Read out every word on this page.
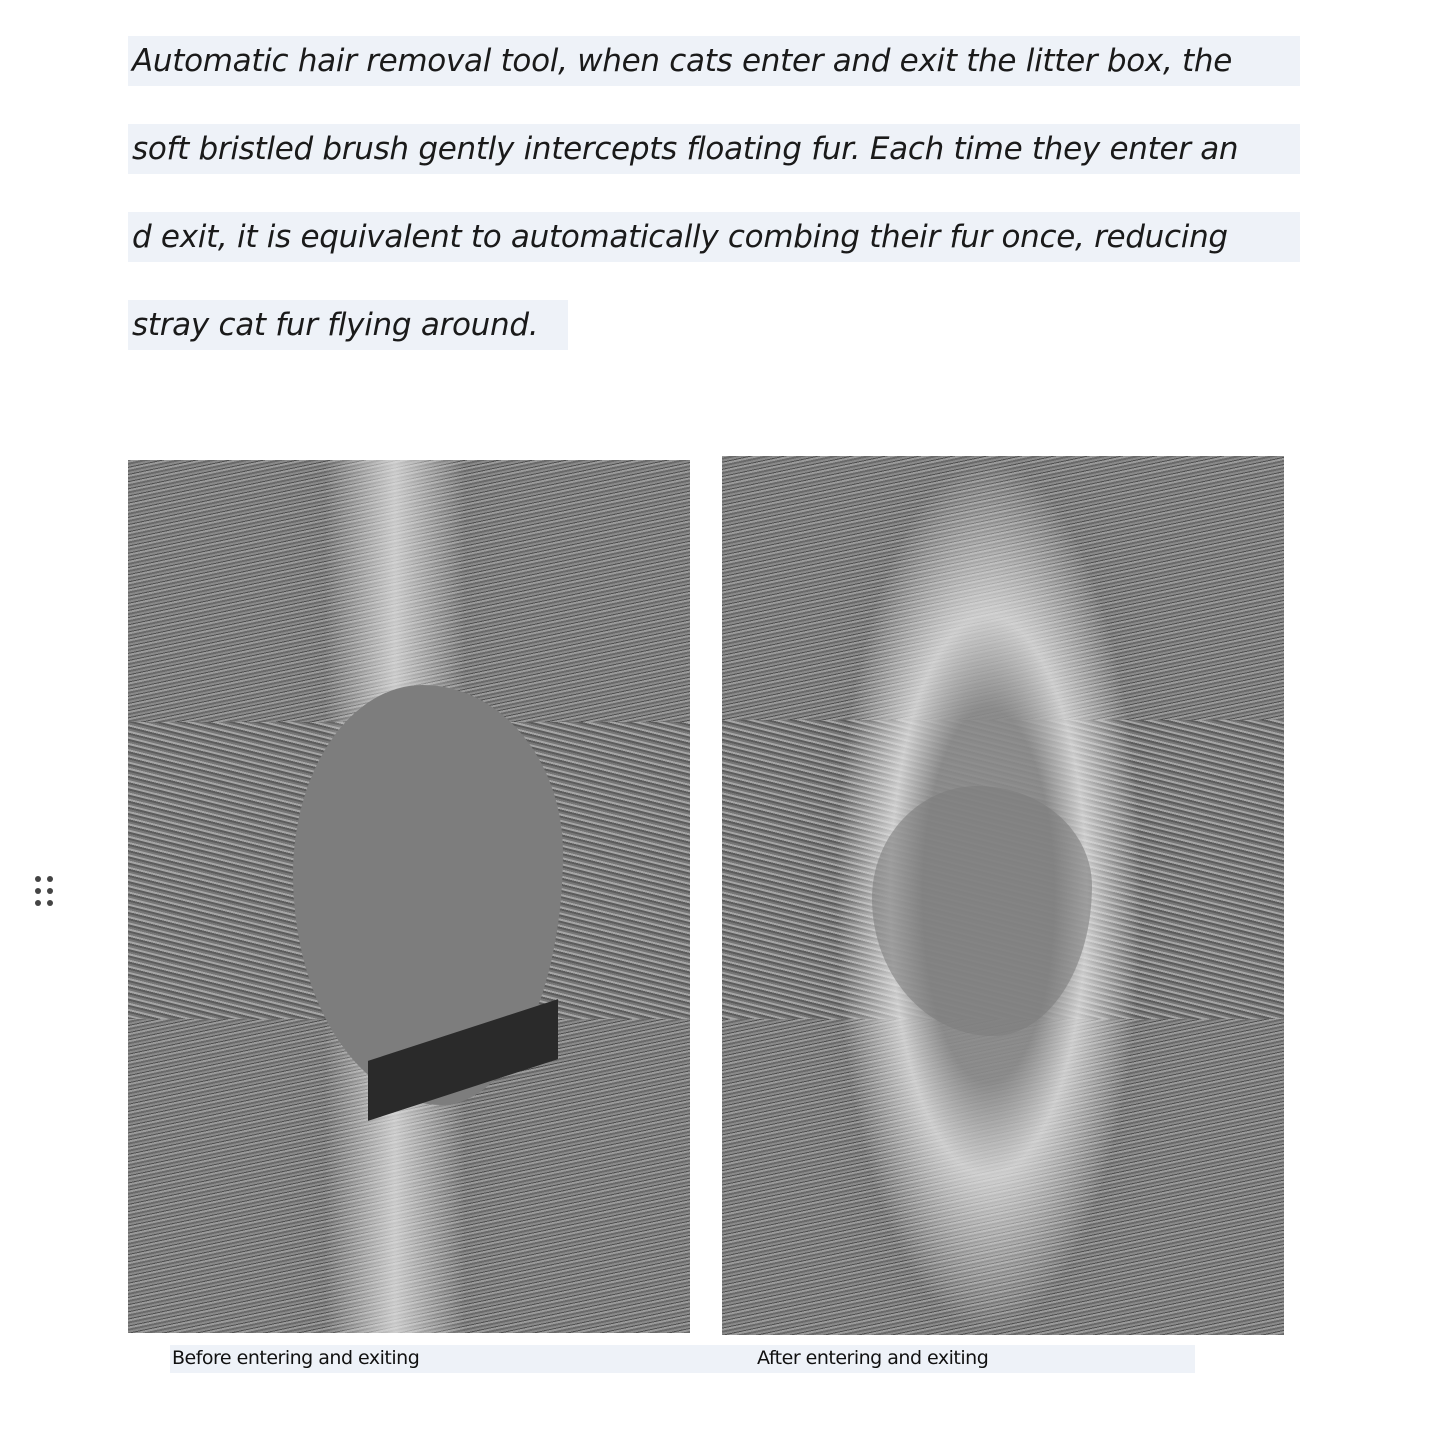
Automatic hair removal tool, when cats enter and exit the litter box, the
soft bristled brush gently intercepts floating fur. Each time they enter an
d exit, it is equivalent to automatically combing their fur once, reducing
stray cat fur flying around.
Before entering and exiting	After entering and exiting
